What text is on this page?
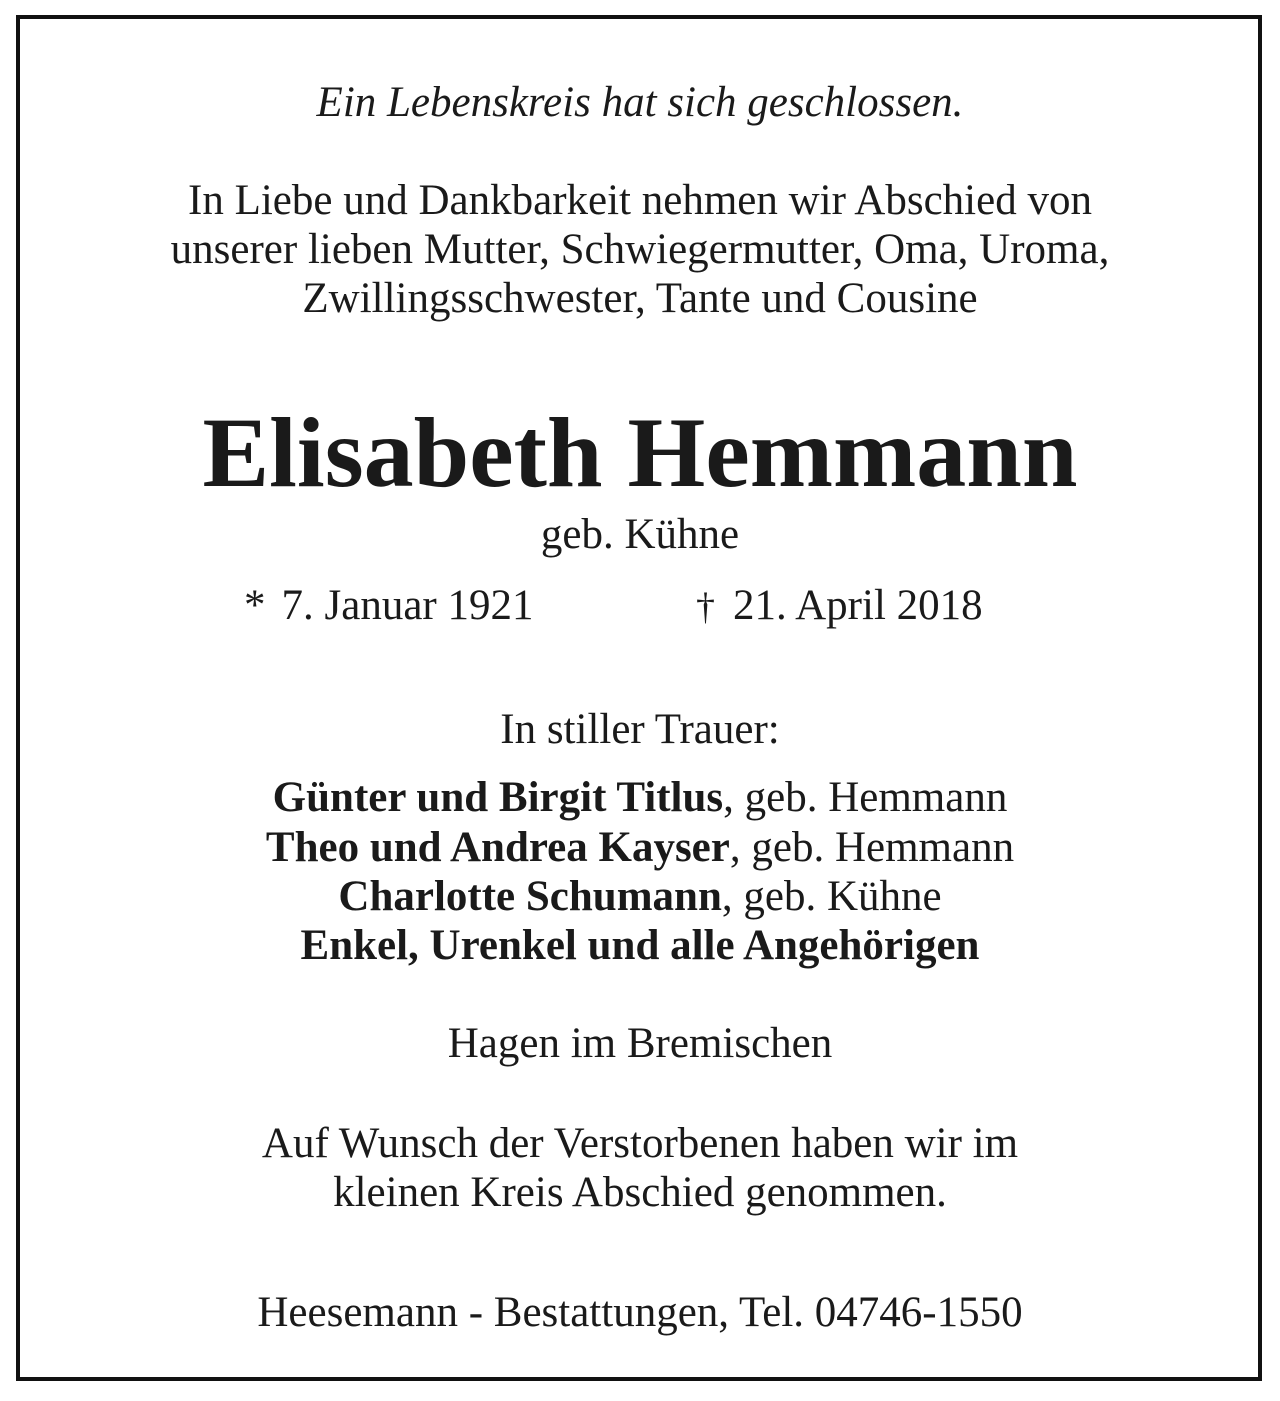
Ein Lebenskreis hat sich geschlossen.
In Liebe und Dankbarkeit nehmen wir Abschied von
unserer lieben Mutter, Schwiegermutter, Oma, Uroma,
Zwillingsschwester, Tante und Cousine
Elisabeth Hemmann
geb. Kühne
* 7. Januar 1921	† 21. April 2018
In stiller Trauer:
Günter und Birgit Titlus, geb. Hemmann
Theo und Andrea Kayser, geb. Hemmann
Charlotte Schumann, geb. Kühne
Enkel, Urenkel und alle Angehörigen
Hagen im Bremischen
Auf Wunsch der Verstorbenen haben wir im
kleinen Kreis Abschied genommen.
Heesemann - Bestattungen, Tel. 04746-1550
